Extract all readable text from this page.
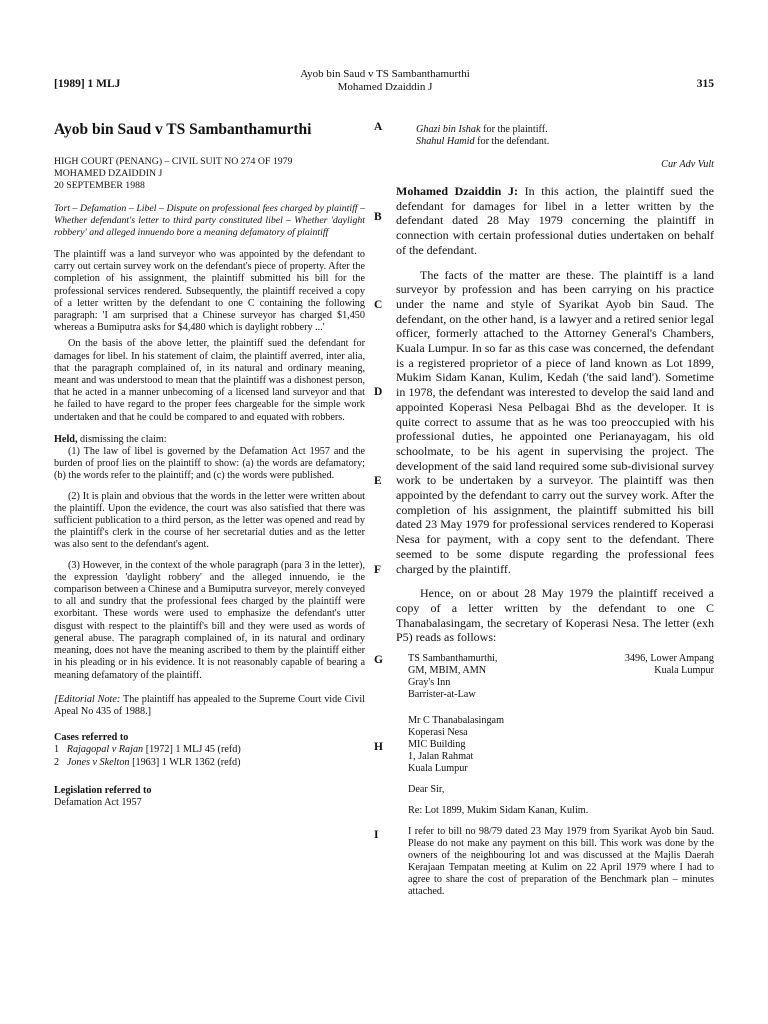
[1989] 1 MLJ
Ayob bin Saud v TS Sambanthamurthi
Mohamed Dzaiddin J	315
A
B
C
D
E
F
G
H
I
Ayob bin Saud v TS Sambanthamurthi
HIGH COURT (PENANG) – CIVIL SUIT NO 274 OF 1979
MOHAMED DZAIDDIN J
20 SEPTEMBER 1988
Tort – Defamation – Libel – Dispute on professional fees charged by plaintiff – Whether defendant's letter to third party constituted libel – Whether 'daylight robbery' and alleged innuendo bore a meaning defamatory of plaintiff

The plaintiff was a land surveyor who was appointed by the defendant to carry out certain survey work on the defendant's piece of property. After the completion of his assignment, the plaintiff submitted his bill for the professional services rendered. Subsequently, the plaintiff received a copy of a letter written by the defendant to one C containing the following paragraph: 'I am surprised that a Chinese surveyor has charged $1,450 whereas a Bumiputra asks for $4,480 which is daylight robbery ...'

On the basis of the above letter, the plaintiff sued the defendant for damages for libel. In his statement of claim, the plaintiff averred, inter alia, that the paragraph complained of, in its natural and ordinary meaning, meant and was understood to mean that the plaintiff was a dishonest person, that he acted in a manner unbecoming of a licensed land surveyor and that he failed to have regard to the proper fees chargeable for the simple work undertaken and that he could be compared to and equated with robbers.

Held, dismissing the claim:

(1) The law of libel is governed by the Defamation Act 1957 and the burden of proof lies on the plaintiff to show: (a) the words are defamatory; (b) the words refer to the plaintiff; and (c) the words were published.

(2) It is plain and obvious that the words in the letter were written about the plaintiff. Upon the evidence, the court was also satisfied that there was sufficient publication to a third person, as the letter was opened and read by the plaintiff's clerk in the course of her secretarial duties and as the letter was also sent to the defendant's agent.

(3) However, in the context of the whole paragraph (para 3 in the letter), the expression 'daylight robbery' and the alleged innuendo, ie the comparison between a Chinese and a Bumiputra surveyor, merely conveyed to all and sundry that the professional fees charged by the plaintiff were exorbitant. These words were used to emphasize the defendant's utter disgust with respect to the plaintiff's bill and they were used as words of general abuse. The paragraph complained of, in its natural and ordinary meaning, does not have the meaning ascribed to them by the plaintiff either in his pleading or in his evidence. It is not reasonably capable of bearing a meaning defamatory of the plaintiff.

[Editorial Note: The plaintiff has appealed to the Supreme Court vide Civil Apeal No 435 of 1988.]

Cases referred to
1 Rajagopal v Rajan [1972] 1 MLJ 45 (refd)
2 Jones v Skelton [1963] 1 WLR 1362 (refd)
Legislation referred to
Defamation Act 1957
Ghazi bin Ishak for the plaintiff.
Shahul Hamid for the defendant.
Cur Adv Vult

Mohamed Dzaiddin J: In this action, the plaintiff sued the defendant for damages for libel in a letter written by the defendant dated 28 May 1979 concerning the plaintiff in connection with certain professional duties undertaken on behalf of the defendant.

The facts of the matter are these. The plaintiff is a land surveyor by profession and has been carrying on his practice under the name and style of Syarikat Ayob bin Saud. The defendant, on the other hand, is a lawyer and a retired senior legal officer, formerly attached to the Attorney General's Chambers, Kuala Lumpur. In so far as this case was concerned, the defendant is a registered proprietor of a piece of land known as Lot 1899, Mukim Sidam Kanan, Kulim, Kedah ('the said land'). Sometime in 1978, the defendant was interested to develop the said land and appointed Koperasi Nesa Pelbagai Bhd as the developer. It is quite correct to assume that as he was too preoccupied with his professional duties, he appointed one Perianayagam, his old schoolmate, to be his agent in supervising the project. The development of the said land required some sub-divisional survey work to be undertaken by a surveyor. The plaintiff was then appointed by the defendant to carry out the survey work. After the completion of his assignment, the plaintiff submitted his bill dated 23 May 1979 for professional services rendered to Koperasi Nesa for payment, with a copy sent to the defendant. There seemed to be some dispute regarding the professional fees charged by the plaintiff.

Hence, on or about 28 May 1979 the plaintiff received a copy of a letter written by the defendant to one C Thanabalasingam, the secretary of Koperasi Nesa. The letter (exh P5) reads as follows:

TS Sambanthamurthi,
GM, MBIM, AMN
Gray's Inn
Barrister-at-Law
3496, Lower Ampang
Kuala Lumpur
Mr C Thanabalasingam
Koperasi Nesa
MIC Building
1, Jalan Rahmat
Kuala Lumpur
Dear Sir,
Re: Lot 1899, Mukim Sidam Kanan, Kulim.
I refer to bill no 98/79 dated 23 May 1979 from Syarikat Ayob bin Saud. Please do not make any payment on this bill. This work was done by the owners of the neighbouring lot and was discussed at the Majlis Daerah Kerajaan Tempatan meeting at Kulim on 22 April 1979 where I had to agree to share the cost of preparation of the Benchmark plan – minutes attached.
